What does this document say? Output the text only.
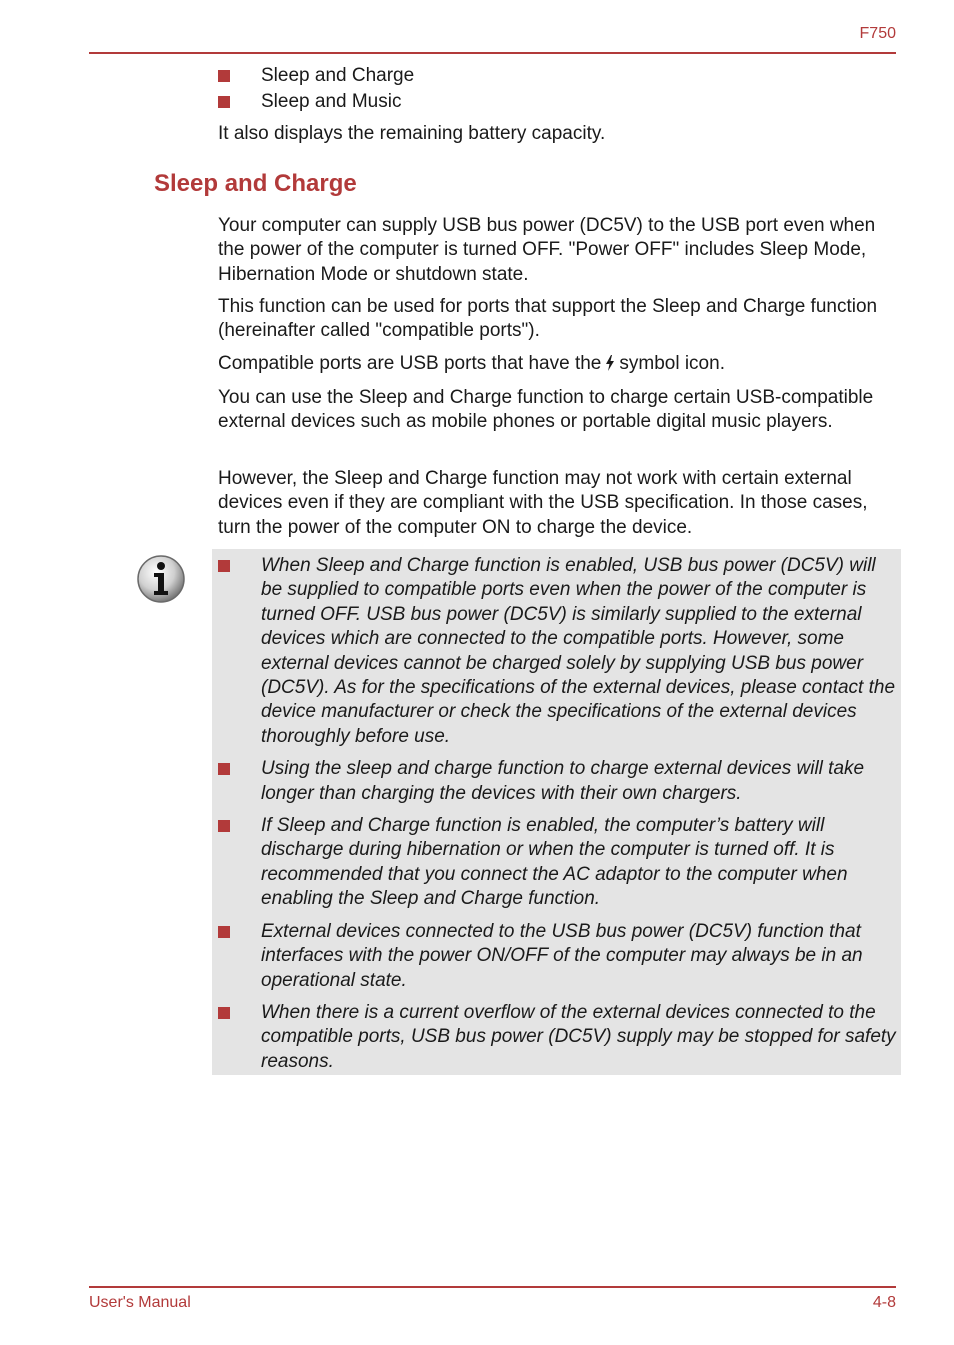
F750
Sleep and Charge
Sleep and Music

It also displays the remaining battery capacity.

Sleep and Charge

Your computer can supply USB bus power (DC5V) to the USB port even when the power of the computer is turned OFF. "Power OFF" includes Sleep Mode, Hibernation Mode or shutdown state.

This function can be used for ports that support the Sleep and Charge function (hereinafter called "compatible ports").

Compatible ports are USB ports that have the symbol icon.

You can use the Sleep and Charge function to charge certain USB-compatible external devices such as mobile phones or portable digital music players.

However, the Sleep and Charge function may not work with certain external devices even if they are compliant with the USB specification. In those cases, turn the power of the computer ON to charge the device.

When Sleep and Charge function is enabled, USB bus power (DC5V) will be supplied to compatible ports even when the power of the computer is turned OFF. USB bus power (DC5V) is similarly supplied to the external devices which are connected to the compatible ports. However, some external devices cannot be charged solely by supplying USB bus power (DC5V). As for the specifications of the external devices, please contact the device manufacturer or check the specifications of the external devices thoroughly before use.
Using the sleep and charge function to charge external devices will take longer than charging the devices with their own chargers.
If Sleep and Charge function is enabled, the computer’s battery will discharge during hibernation or when the computer is turned off. It is recommended that you connect the AC adaptor to the computer when enabling the Sleep and Charge function.
External devices connected to the USB bus power (DC5V) function that interfaces with the power ON/OFF of the computer may always be in an operational state.
When there is a current overflow of the external devices connected to the compatible ports, USB bus power (DC5V) supply may be stopped for safety reasons.
User's Manual	4-8
